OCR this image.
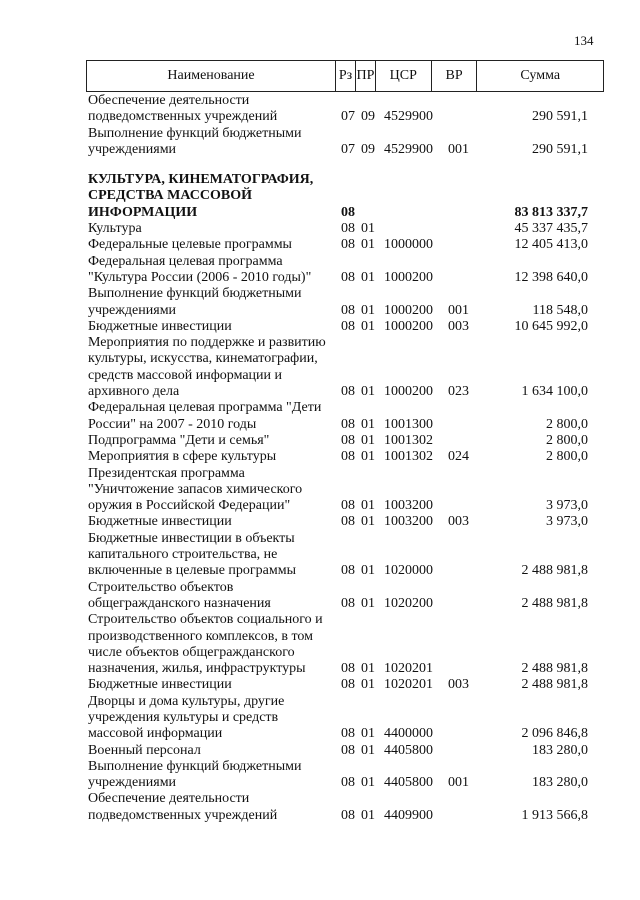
134
Наименование	Рз ПР	ЦСР	ВР	Сумма
Обеспечение деятельности подведомственных учреждений	07 09 4529900	290 591,1
Выполнение функций бюджетными учреждениями	07 09 4529900	001	290 591,1
КУЛЬТУРА, КИНЕМАТОГРАФИЯ, СРЕДСТВА МАССОВОЙ ИНФОРМАЦИИ	08	83 813 337,7
Культура	08 01	45 337 435,7
Федеральные целевые программы	08 01 1000000	12 405 413,0
Федеральная целевая программа "Культура России (2006 - 2010 годы)"	08 01 1000200	12 398 640,0
Выполнение функций бюджетными учреждениями	08 01 1000200	001	118 548,0
Бюджетные инвестиции	08 01 1000200	003	10 645 992,0
Мероприятия по поддержке и развитию культуры, искусства, кинематографии, средств массовой информации и архивного дела	08 01 1000200	023	1 634 100,0
Федеральная целевая программа "Дети России" на 2007 - 2010 годы	08 01 1001300	2 800,0
Подпрограмма "Дети и семья"	08 01 1001302	2 800,0
Мероприятия в сфере культуры	08 01 1001302	024	2 800,0
Президентская программа "Уничтожение запасов химического оружия в Российской Федерации"	08 01 1003200	3 973,0
Бюджетные инвестиции	08 01 1003200	003	3 973,0
Бюджетные инвестиции в объекты капитального строительства, не включенные в целевые программы	08 01 1020000	2 488 981,8
Строительство объектов общегражданского назначения	08 01 1020200	2 488 981,8
Строительство объектов социального и производственного комплексов, в том числе объектов общегражданского назначения, жилья, инфраструктуры	08 01 1020201	2 488 981,8
Бюджетные инвестиции	08 01 1020201	003	2 488 981,8
Дворцы и дома культуры, другие учреждения культуры и средств массовой информации	08 01 4400000	2 096 846,8
Военный персонал	08 01 4405800	183 280,0
Выполнение функций бюджетными учреждениями	08 01 4405800	001	183 280,0
Обеспечение деятельности подведомственных учреждений	08 01 4409900	1 913 566,8
